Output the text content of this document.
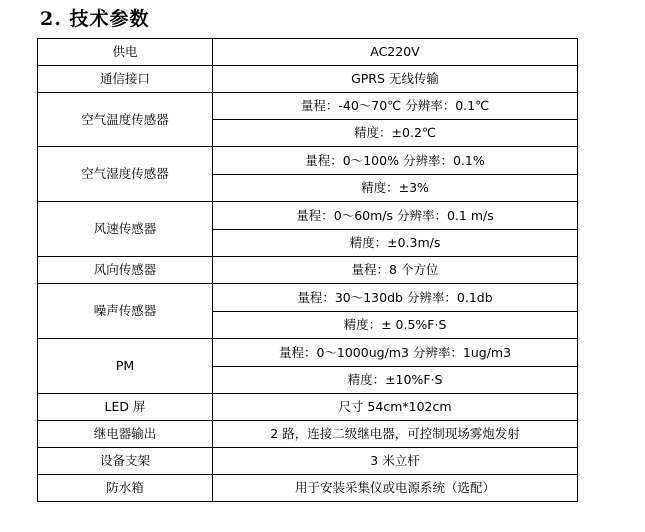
2. 技术参数
供电	AC220V
通信接口	GPRS 无线传输
空气温度传感器	量程：-40～70℃ 分辨率：0.1℃
	精度：±0.2℃
空气湿度传感器	量程：0～100% 分辨率：0.1%
	精度：±3%
风速传感器	量程：0～60m/s 分辨率：0.1 m/s
	精度：±0.3m/s
风向传感器	量程：8 个方位
噪声传感器	量程：30～130db 分辨率：0.1db
	精度：± 0.5%F·S
PM	量程：0～1000ug/m3 分辨率：1ug/m3
	精度：±10%F·S
LED 屏	尺寸 54cm*102cm
继电器输出	2 路，连接二级继电器，可控制现场雾炮发射
设备支架	3 米立杆
防水箱	用于安装采集仪或电源系统（选配）
